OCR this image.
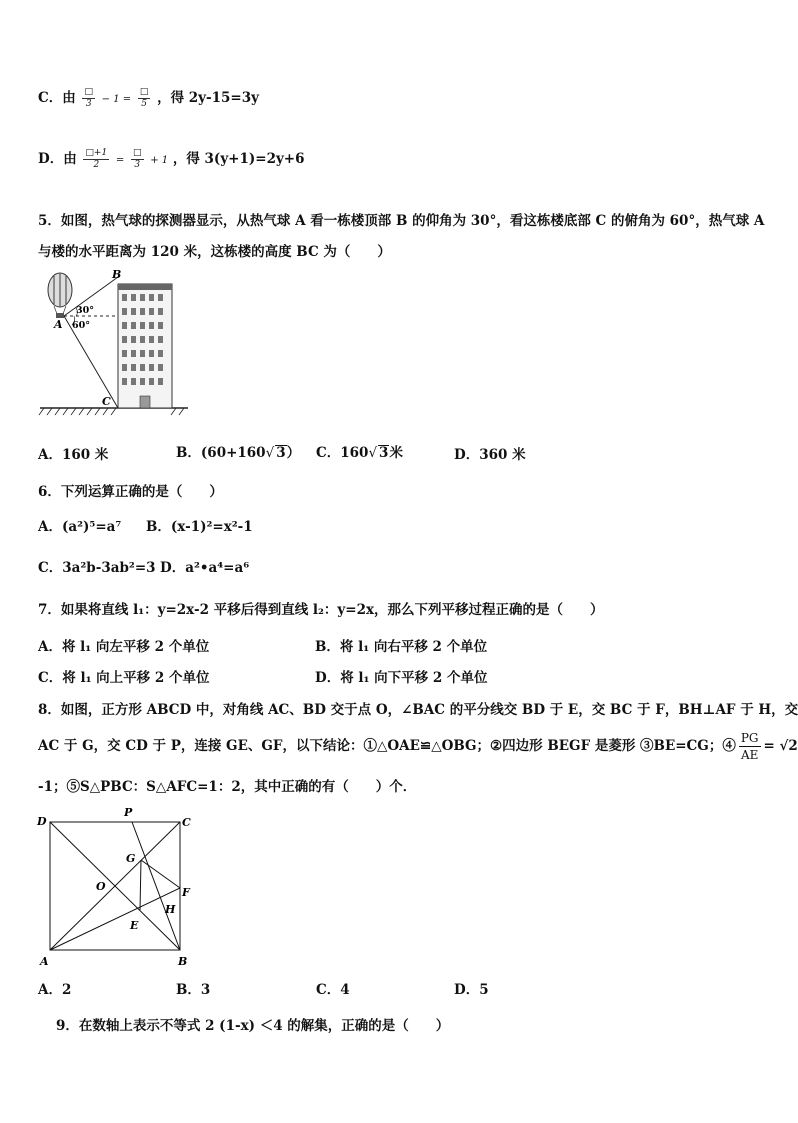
C．由 $\frac{□}{3} - 1 = \frac{□}{5}$ ，得 2y-15=3y
D．由 $\frac{□+1}{2} = \frac{□}{3} + 1$ ，得 3(y+1)=2y+6
5．如图，热气球的探测器显示，从热气球 A 看一栋楼顶部 B 的仰角为 30°，看这栋楼底部 C 的俯角为 60°，热气球 A
与楼的水平距离为 120 米，这栋楼的高度 BC 为（　　）
B
A
C
30°
60°
A．160 米	B．(60+160√ 3） C．160√ 3米	D．360 米
6．下列运算正确的是（　　）
A．(a²)⁵=a⁷ B．(x-1)²=x²-1
C．3a²b-3ab²=3 D．a²•a⁴=a⁶
7．如果将直线 l₁：y=2x-2 平移后得到直线 l₂：y=2x，那么下列平移过程正确的是（　　）
A．将 l₁ 向左平移 2 个单位	B．将 l₁ 向右平移 2 个单位
C．将 l₁ 向上平移 2 个单位	D．将 l₁ 向下平移 2 个单位
8．如图，正方形 ABCD 中，对角线 AC、BD 交于点 O，∠BAC 的平分线交 BD 于 E，交 BC 于 F，BH⊥AF 于 H，交
AC 于 G，交 CD 于 P，连接 GE、GF，以下结论：①△OAE≌△OBG；②四边形 BEGF 是菱形 ③BE=CG；④ $\frac{PG}{AE} = √2$
-1；⑤S△PBC：S△AFC=1：2，其中正确的有（　　）个．
D
P
C
G
O	F
H
E
A	B
A．2	B．3	C．4	D．5
9．在数轴上表示不等式 2 (1-x) ＜4 的解集，正确的是（　　）
